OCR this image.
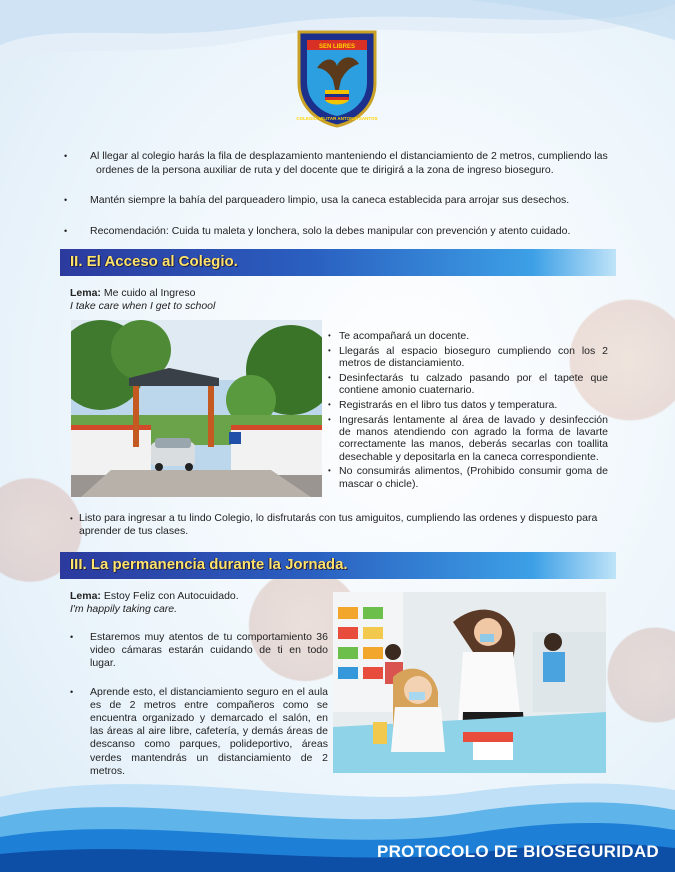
SEN LIBRES
COLEGIO MILITAR ANTONIA SANTOS
• Al llegar al colegio harás la fila de desplazamiento manteniendo el distanciamiento de 2 metros, cumpliendo las ordenes de la persona auxiliar de ruta y del docente que te dirigirá a la zona de ingreso bioseguro.
• Mantén siempre la bahía del parqueadero limpio, usa la caneca establecida para arrojar sus desechos.
• Recomendación: Cuida tu maleta y lonchera, solo la debes manipular con prevención y atento cuidado.
II. El Acceso al Colegio.
Lema: Me cuido al Ingreso
I take care when I get to school
• Te acompañará un docente.
• Llegarás al espacio bioseguro cumpliendo con los 2 metros de distanciamiento.
• Desinfectarás tu calzado pasando por el tapete que contiene amonio cuaternario.
• Registrarás en el libro tus datos y temperatura.
• Ingresarás lentamente al área de lavado y desinfección de manos atendiendo con agrado la forma de lavarte correctamente las manos, deberás secarlas con toallita desechable y depositarla en la caneca correspondiente.
• No consumirás alimentos, (Prohibido consumir goma de mascar o chicle).
• Listo para ingresar a tu lindo Colegio, lo disfrutarás con tus amiguitos, cumpliendo las ordenes y dispuesto para aprender de tus clases.
III. La permanencia durante la Jornada.
Lema: Estoy Feliz con Autocuidado.
I'm happily taking care.
• Estaremos muy atentos de tu comportamiento 36 video cámaras estarán cuidando de ti en todo lugar.
• Aprende esto, el distanciamiento seguro en el aula es de 2 metros entre compañeros como se encuentra organizado y demarcado el salón, en las áreas al aire libre, cafetería, y demás áreas de descanso como parques, polideportivo, áreas verdes mantendrás un distanciamiento de 2 metros.
PROTOCOLO DE BIOSEGURIDAD
